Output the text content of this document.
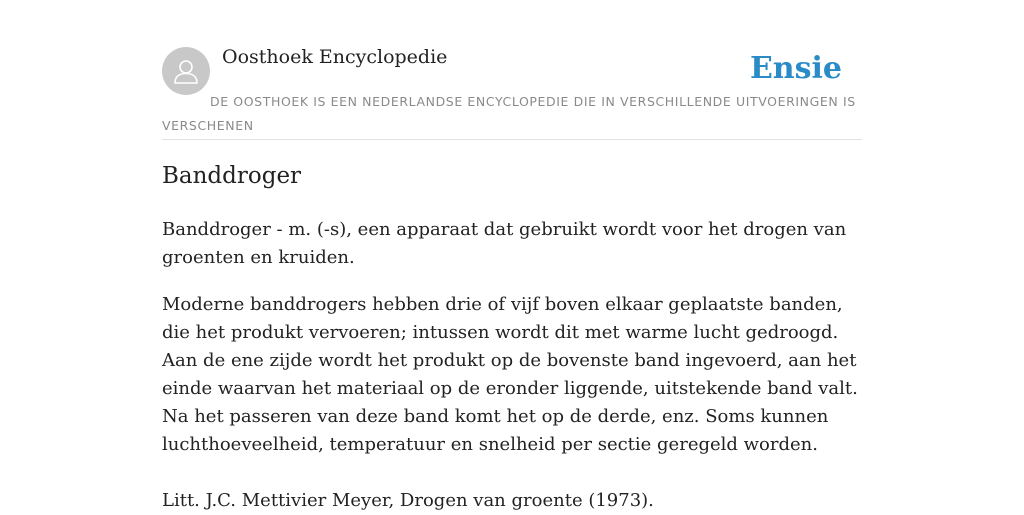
Oosthoek Encyclopedie	Ensie
DE OOSTHOEK IS EEN NEDERLANDSE ENCYCLOPEDIE DIE IN VERSCHILLENDE UITVOERINGEN IS VERSCHENEN
Banddroger

Banddroger - m. (-s), een apparaat dat gebruikt wordt voor het drogen van groenten en kruiden.

Moderne banddrogers hebben drie of vijf boven elkaar geplaatste banden, die het produkt vervoeren; intussen wordt dit met warme lucht gedroogd. Aan de ene zijde wordt het produkt op de bovenste band ingevoerd, aan het einde waarvan het materiaal op de eronder liggende, uitstekende band valt. Na het passeren van deze band komt het op de derde, enz. Soms kunnen luchthoeveelheid, temperatuur en snelheid per sectie geregeld worden.

Litt. J.C. Mettivier Meyer, Drogen van groente (1973).
